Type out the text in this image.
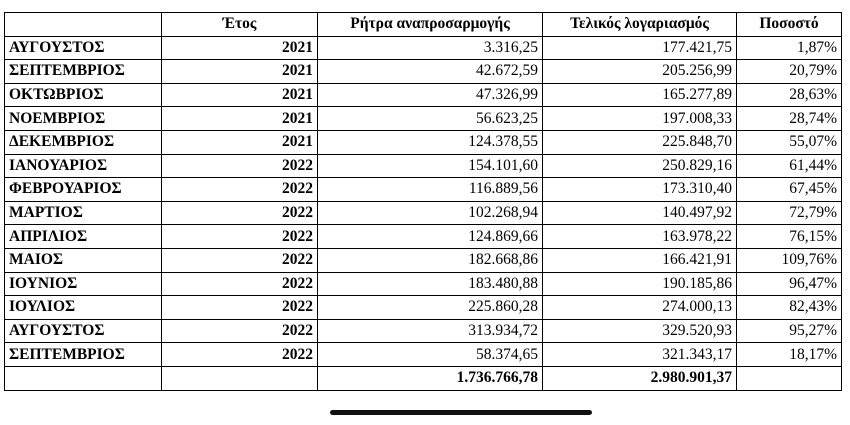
	Έτος	Ρήτρα αναπροσαρμογής	Τελικός λογαριασμός	Ποσοστό
ΑΥΓΟΥΣΤΟΣ	2021	3.316,25	177.421,75	1,87%
ΣΕΠΤΕΜΒΡΙΟΣ	2021	42.672,59	205.256,99	20,79%
ΟΚΤΩΒΡΙΟΣ	2021	47.326,99	165.277,89	28,63%
ΝΟΕΜΒΡΙΟΣ	2021	56.623,25	197.008,33	28,74%
ΔΕΚΕΜΒΡΙΟΣ	2021	124.378,55	225.848,70	55,07%
ΙΑΝΟΥΑΡΙΟΣ	2022	154.101,60	250.829,16	61,44%
ΦΕΒΡΟΥΑΡΙΟΣ	2022	116.889,56	173.310,40	67,45%
ΜΑΡΤΙΟΣ	2022	102.268,94	140.497,92	72,79%
ΑΠΡΙΛΙΟΣ	2022	124.869,66	163.978,22	76,15%
ΜΑΙΟΣ	2022	182.668,86	166.421,91	109,76%
ΙΟΥΝΙΟΣ	2022	183.480,88	190.185,86	96,47%
ΙΟΥΛΙΟΣ	2022	225.860,28	274.000,13	82,43%
ΑΥΓΟΥΣΤΟΣ	2022	313.934,72	329.520,93	95,27%
ΣΕΠΤΕΜΒΡΙΟΣ	2022	58.374,65	321.343,17	18,17%
		1.736.766,78	2.980.901,37	
